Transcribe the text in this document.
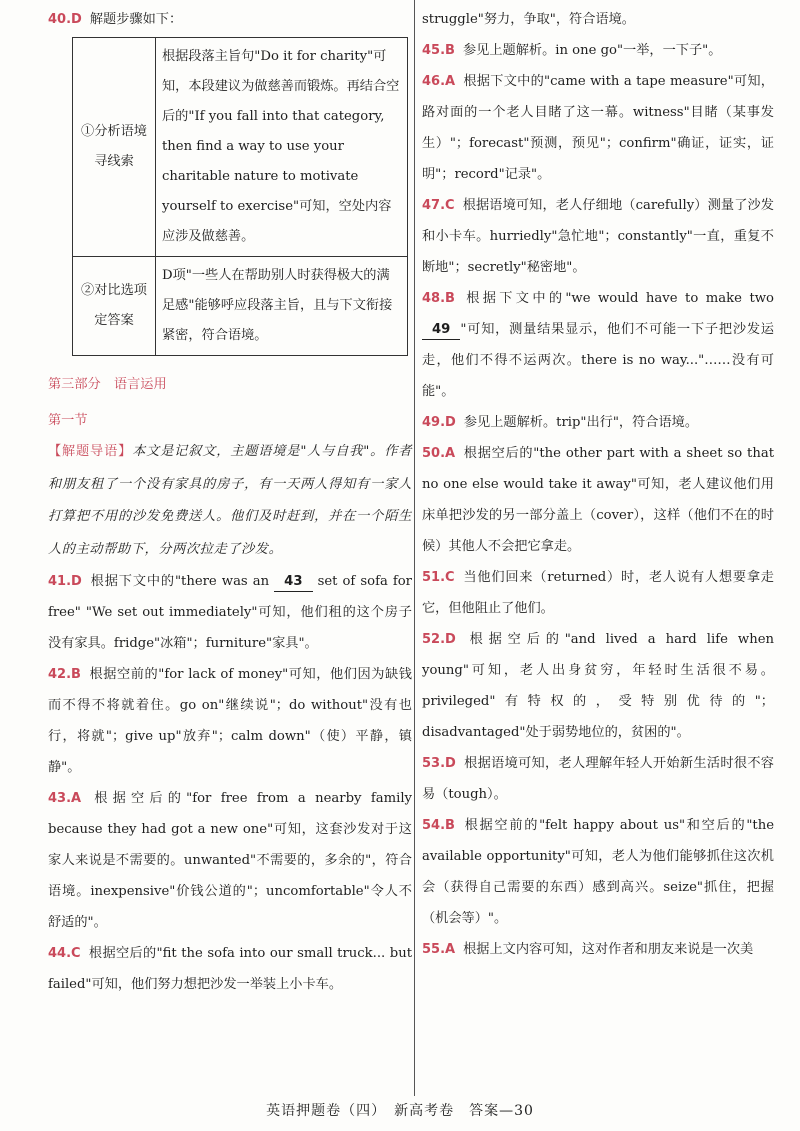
40.D 解题步骤如下：

①分析语境寻线索	根据段落主旨句"Do it for charity"可知，本段建议为做慈善而锻炼。再结合空后的"If you fall into that category, then find a way to use your charitable nature to motivate yourself to exercise"可知，空处内容应涉及做慈善。
②对比选项定答案	D项"一些人在帮助别人时获得极大的满足感"能够呼应段落主旨，且与下文衔接紧密，符合语境。

第三部分　语言运用

第一节

【解题导语】本文是记叙文，主题语境是"人与自我"。作者和朋友租了一个没有家具的房子，有一天两人得知有一家人打算把不用的沙发免费送人。他们及时赶到，并在一个陌生人的主动帮助下，分两次拉走了沙发。

41.D 根据下文中的"there was an 43 set of sofa for free" "We set out immediately"可知，他们租的这个房子没有家具。fridge"冰箱"；furniture"家具"。

42.B 根据空前的"for lack of money"可知，他们因为缺钱而不得不将就着住。go on"继续说"；do without"没有也行，将就"；give up"放弃"；calm down"（使）平静，镇静"。

43.A 根据空后的"for free from a nearby family because they had got a new one"可知，这套沙发对于这家人来说是不需要的。unwanted"不需要的，多余的"，符合语境。inexpensive"价钱公道的"；uncomfortable"令人不舒适的"。

44.C 根据空后的"fit the sofa into our small truck... but failed"可知，他们努力想把沙发一举装上小卡车。

struggle"努力，争取"，符合语境。

45.B 参见上题解析。in one go"一举，一下子"。

46.A 根据下文中的"came with a tape measure"可知，路对面的一个老人目睹了这一幕。witness"目睹（某事发生）"；forecast"预测，预见"；confirm"确证，证实，证明"；record"记录"。

47.C 根据语境可知，老人仔细地（carefully）测量了沙发和小卡车。hurriedly"急忙地"；constantly"一直，重复不断地"；secretly"秘密地"。

48.B 根据下文中的"we would have to make two 49 "可知，测量结果显示，他们不可能一下子把沙发运走，他们不得不运两次。there is no way..."……没有可能"。

49.D 参见上题解析。trip"出行"，符合语境。

50.A 根据空后的"the other part with a sheet so that no one else would take it away"可知，老人建议他们用床单把沙发的另一部分盖上（cover），这样（他们不在的时候）其他人不会把它拿走。

51.C 当他们回来（returned）时，老人说有人想要拿走它，但他阻止了他们。

52.D 根据空后的"and lived a hard life when young"可知，老人出身贫穷，年轻时生活很不易。privileged"有特权的，受特别优待的"；disadvantaged"处于弱势地位的，贫困的"。

53.D 根据语境可知，老人理解年轻人开始新生活时很不容易（tough）。

54.B 根据空前的"felt happy about us"和空后的"the available opportunity"可知，老人为他们能够抓住这次机会（获得自己需要的东西）感到高兴。seize"抓住，把握（机会等）"。

55.A 根据上文内容可知，这对作者和朋友来说是一次美

英语押题卷（四）　新高考卷　答案—30
